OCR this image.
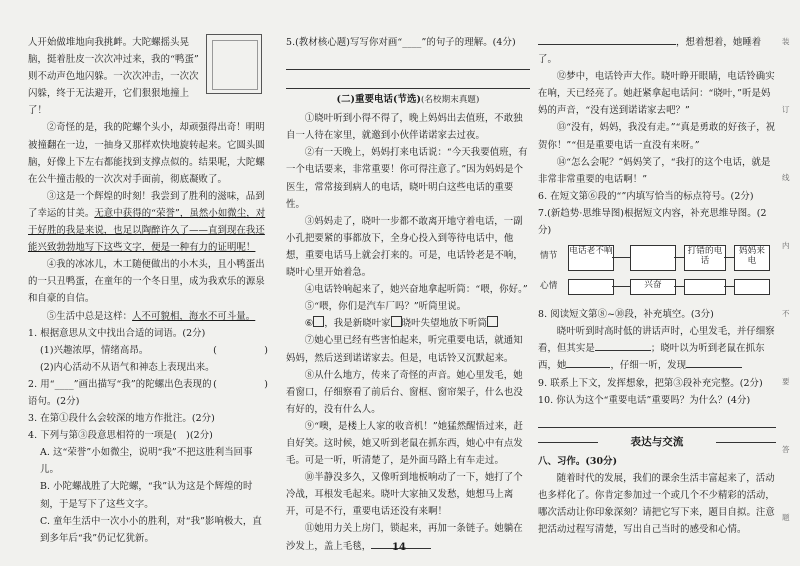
人开始做堆地向我挑衅。大陀螺摇头晃

脑，挺着肚皮一次次冲过来，我的“鸭蛋”

则不动声色地闪躲。一次次冲击，一次次

闪躲，终于无法避开，它们狠狠地撞上了！

②奇怪的是，我的陀螺个头小，却顽强得出奇！明明被撞翻在一边，一抽身又那样欢快地旋转起来。它圆头圆脑，好像上下左右都能找到支撑点似的。结果呢，大陀螺在公牛撞击般的一次次对手面前，彻底凝败了。

③这是一个辉煌的时刻！我尝到了胜利的滋味，品到了幸运的甘美。无意中获得的“荣誉”，虽然小如微尘，对于好胜的我是来说，也足以陶醉许久了——直到现在我还能兴致勃勃地写下这些文字，便是一种有力的证明呢！

④我的冰冰儿，木工随便做出的小木头，且小鸭蛋出的一只丑鸭蛋，在童年的一个冬日里，成为我欢乐的源泉和自豪的自信。

⑤生活中总是这样：人不可貌相，海水不可斗量。

1. 根据意思从文中找出合适的词语。(2分)

(1)兴趣浓厚，情绪高昂。	(　　　　　)

(2)内心活动不从语气和神态上表现出来。
(　　　　　)

2. 用“____”画出描写“我”的陀螺出色表现的语句。(2分)

3. 在第①段什么会较深的地方作批注。(2分)

4. 下列与第③段意思相符的一项是(　)(2分)

A. 这“荣誉”小如微尘，说明“我”不把这胜利当回事儿。

B. 小陀螺战胜了大陀螺，“我”认为这是个辉煌的时刻，于是写下了这些文字。

C. 童年生活中一次小小的胜利，对“我”影响极大，直到多年后“我”仍记忆犹新。

5.(教材核心题)写写你对画“____”的句子的理解。(4分)

(二)重要电话(节选)(名校期末真题)

①晓叶听到小得不得了，晚上妈妈出去值班，不敢独自一人待在家里，就邀到小伙伴诺诺家去过夜。

②有一天晚上，妈妈打来电话说：“今天我要值班，有一个电话要来，非常重要！你可得注意了。”因为妈妈是个医生，常常接到病人的电话，晓叶明白这些电话的重要性。

③妈妈走了，晓叶一步都不敢离开地守着电话，一副小孔把要紧的事都放下，全身心投入到等待电话中，他想，重要电话马上就会打来的。可是，电话铃老是不响，晓叶心里开始着急。

④电话铃响起来了，她兴奋地拿起听筒：“喂，你好。”

⑤“喂，你们是汽车厂吗？”听筒里说。

⑥ ，我是新晓叶家 晓叶失望地放下听筒

⑦她心里已经有些害怕起来，听完重要电话，就通知妈妈，然后送到诺诺家去。但是，电话铃又沉默起来。

⑧从什么地方，传来了奇怪的声音。她心里发毛，她看窗口，仔细察看了前后台、窗框、窗帘架子，什么也没有好的，没有什么人。

⑨“噢，是楼上人家的收音机！”她猛然醒悟过来，赶自好笑。这时候，她又听到老鼠在抓东西，她心中有点发毛。可是一听，听清楚了，是外面马路上有车走过。

⑩半静没多久，又像听到地板响动了一下，她打了个冷战，耳根发毛起来。晓叶大家抽又发愁，她想马上离开，可是不行，重要电话还没有来啊！

⑪她用力关上房门，锁起来，再加一条链子。她躺在沙发上，盖上毛毯，	14

，想着想着，她睡着了。

⑫梦中，电话铃声大作。晓叶睁开眼睛，电话铃确实在响，天已经亮了。她赶紧拿起电话问：“晓叶，”听是妈妈的声音，“没有送到诺诺家去吧？”

⑬“没有，妈妈，我没有走。”“真是勇敢的好孩子，祝贺你！”“但是重要电话一直没有来呀。”

⑭“怎么会呢？”妈妈笑了，“我打的这个电话，就是非常非常重要的电话啊！”

6. 在短文第⑥段的“”内填写恰当的标点符号。(2分)

7.(新趋势·思维导图)根据短文内容，补充思维导图。(2分)

情节
心情
电话老不响	打错的电话
妈妈来电
兴奋

8. 阅读短文第⑧~⑩段，补充填空。(3分)

晓叶听到时高时低的讲话声时，心里发毛，并仔细察看，但其实是	；晓叶以为听到老鼠在抓东西，她	，仔细一听，发现

9. 联系上下文，发挥想象，把第③段补充完整。(2分)

10. 你认为这个“重要电话”重要吗？为什么？(4分)

表达与交流

八、习作。(30分)

随着时代的发展，我们的课余生活丰富起来了，活动也多样化了。你肯定参加过一个或几个不少精彩的活动，哪次活动让你印象深刻？请把它写下来，题目自拟。注意把活动过程写清楚，写出自己当时的感受和心情。

装
订
线
内
不
要
答
题
